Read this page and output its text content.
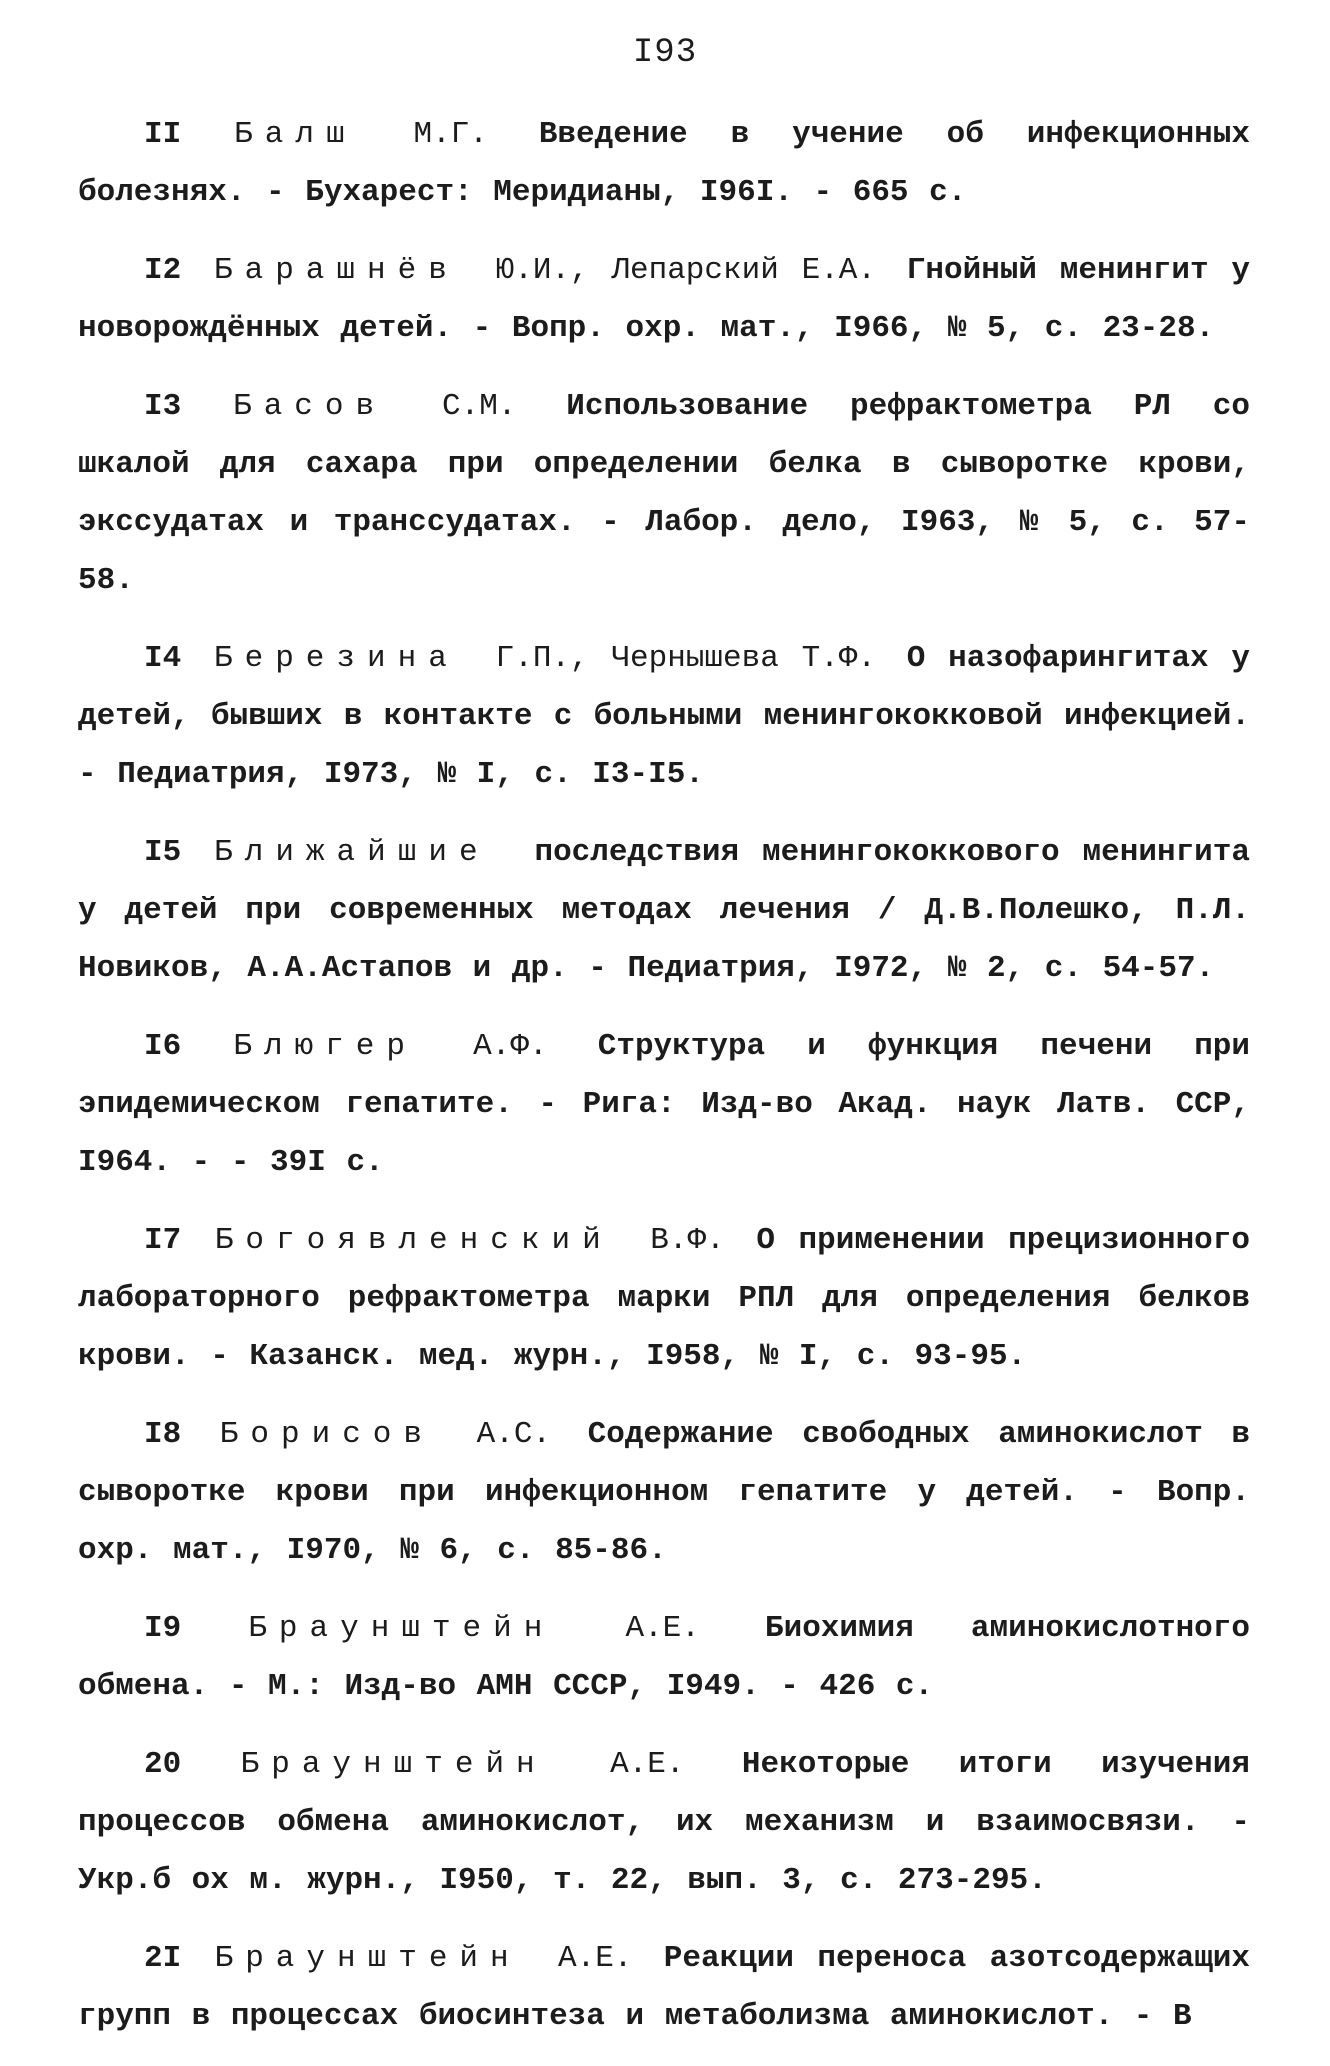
I93

II Балш М.Г. Введение в учение об инфекционных болезнях. - Бухарест: Меридианы, I96I. - 665 с.

I2 Барашнёв Ю.И., Лепарский Е.А. Гнойный менингит у новорождённых детей. - Вопр. охр. мат., I966, № 5, с. 23-28.

I3 Басов С.М. Использование рефрактометра РЛ со шкалой для сахара при определении белка в сыворотке крови, экссудатах и транссудатах. - Лабор. дело, I963, № 5, с. 57-58.

I4 Березина Г.П., Чернышева Т.Ф. О назофарингитах у детей, бывших в контакте с больными менингококковой инфекцией. - Педиатрия, I973, № I, с. I3-I5.

I5 Ближайшие последствия менингококкового менингита у детей при современных методах лечения / Д.В.Полешко, П.Л. Новиков, А.А.Астапов и др. - Педиатрия, I972, № 2, с. 54-57.

I6 Блюгер А.Ф. Структура и функция печени при эпидемическом гепатите. - Рига: Изд-во Акад. наук Латв. ССР, I964. - - 39I с.

I7 Богоявленский В.Ф. О применении прецизионного лабораторного рефрактометра марки РПЛ для определения белков крови. - Казанск. мед. журн., I958, № I, с. 93-95.

I8 Борисов А.С. Содержание свободных аминокислот в сыворотке крови при инфекционном гепатите у детей. - Вопр. охр. мат., I970, № 6, с. 85-86.

I9 Браунштейн А.Е. Биохимия аминокислотного обмена. - М.: Изд-во АМН СССР, I949. - 426 с.

20 Браунштейн А.Е. Некоторые итоги изучения процессов обмена аминокислот, их механизм и взаимосвязи. - Укр.б ох м. журн., I950, т. 22, вып. 3, с. 273-295.

2I Браунштейн А.Е. Реакции переноса азотсодержащих групп в процессах биосинтеза и метаболизма аминокислот. - В
